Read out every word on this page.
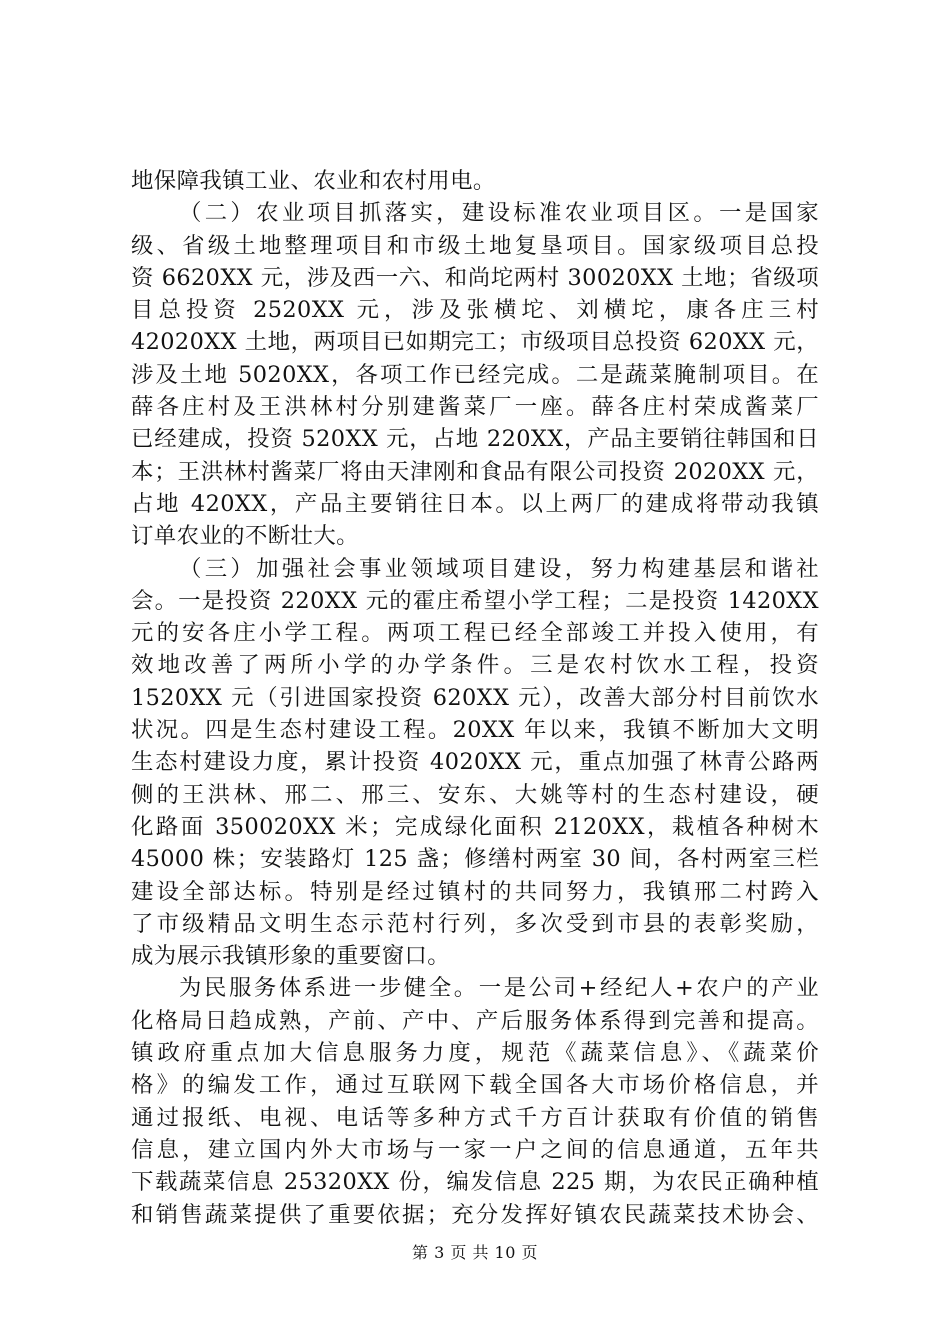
地保障我镇工业、农业和农村用电。
（二）农业项目抓落实，建设标准农业项目区。一是国家
级、省级土地整理项目和市级土地复垦项目。国家级项目总投
资 6620XX 元，涉及西一六、和尚坨两村 30020XX 土地；省级项
目总投资 2520XX 元，涉及张横坨、刘横坨，康各庄三村
42020XX 土地，两项目已如期完工；市级项目总投资 620XX 元，
涉及土地 5020XX，各项工作已经完成。二是蔬菜腌制项目。在
薛各庄村及王洪林村分别建酱菜厂一座。薛各庄村荣成酱菜厂
已经建成，投资 520XX 元，占地 220XX，产品主要销往韩国和日
本；王洪林村酱菜厂将由天津刚和食品有限公司投资 2020XX 元，
占地 420XX，产品主要销往日本。以上两厂的建成将带动我镇
订单农业的不断壮大。
（三）加强社会事业领域项目建设，努力构建基层和谐社
会。一是投资 220XX 元的霍庄希望小学工程；二是投资 1420XX
元的安各庄小学工程。两项工程已经全部竣工并投入使用，有
效地改善了两所小学的办学条件。三是农村饮水工程，投资
1520XX 元（引进国家投资 620XX 元），改善大部分村目前饮水
状况。四是生态村建设工程。20XX 年以来，我镇不断加大文明
生态村建设力度，累计投资 4020XX 元，重点加强了林青公路两
侧的王洪林、邢二、邢三、安东、大姚等村的生态村建设，硬
化路面 350020XX 米；完成绿化面积 2120XX，栽植各种树木
45000 株；安装路灯 125 盏；修缮村两室 30 间，各村两室三栏
建设全部达标。特别是经过镇村的共同努力，我镇邢二村跨入
了市级精品文明生态示范村行列，多次受到市县的表彰奖励，
成为展示我镇形象的重要窗口。
为民服务体系进一步健全。一是公司+经纪人+农户的产业
化格局日趋成熟，产前、产中、产后服务体系得到完善和提高。
镇政府重点加大信息服务力度，规范《蔬菜信息》、《蔬菜价
格》的编发工作，通过互联网下载全国各大市场价格信息，并
通过报纸、电视、电话等多种方式千方百计获取有价值的销售
信息，建立国内外大市场与一家一户之间的信息通道，五年共
下载蔬菜信息 25320XX 份，编发信息 225 期，为农民正确种植
和销售蔬菜提供了重要依据；充分发挥好镇农民蔬菜技术协会、
第 3 页 共 10 页
